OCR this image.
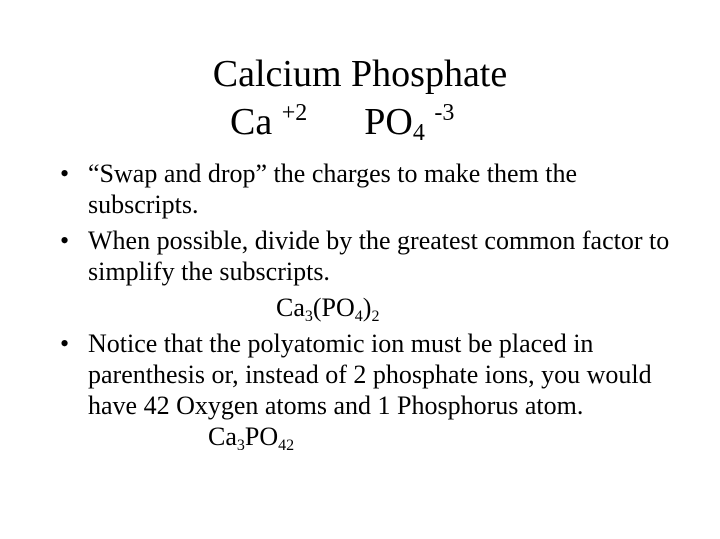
Calcium Phosphate
Ca $^{+2}$ $PO_4$ $^{-3}$
• “Swap and drop” the charges to make them the subscripts.
• When possible, divide by the greatest common factor to simplify the subscripts.
$Ca_3(PO_4)_2$
• Notice that the polyatomic ion must be placed in parenthesis or, instead of 2 phosphate ions, you would have 42 Oxygen atoms and 1 Phosphorus $atom.Ca_3PO_{42}$
